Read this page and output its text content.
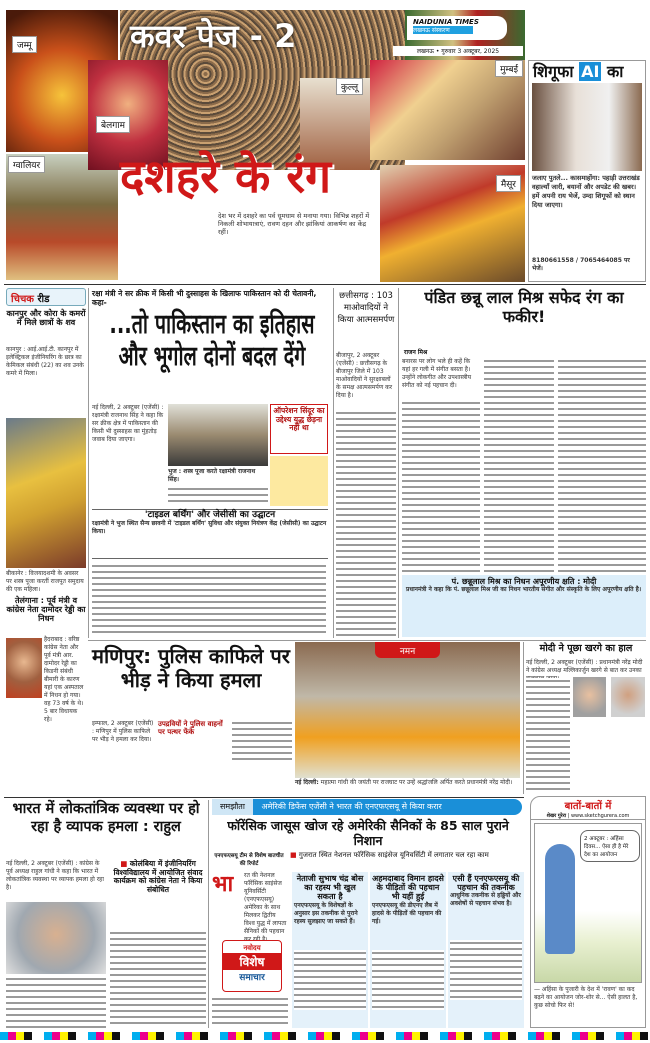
जम्मू
ग्वालियर
कवर पेज - 2	NAIDUNIA TIMES
लखनऊ संस्करण
लखनऊ • गुरुवार 3 अक्टूबर, 2025
मुम्बई
कुल्लू
बेलगाम
दशहरे के रंग
देश भर में दशहरे का पर्व धूमधाम से मनाया गया। विभिन्न शहरों में निकली शोभायात्राएं, रावण दहन और झांकियां आकर्षण का केंद्र रहीं।
मैसूर
शिगूफा AI का
जलाए पुतले... कासमाहोंगा: पहाड़ी उत्तराखंड वहाल्याँ जारी, बयानों और अपडेट की खबर। हमें अपनी राय भेजें, उम्दा शिगूफों को स्थान दिया जाएगा।
8180661558 / 7065464085 पर भेजें।
चिचक रीड
कानपुर और कोरा के कमरों में मिले छात्रों के शव
कानपुर : आई.आई.टी. कानपुर में इलेक्ट्रिकल इंजीनियरिंग के छात्र का केमिकल संबंधी (22) का शव उनके कमरे में मिला।
बीकानेर : विजयादशमी के अवसर पर शस्त्र पूजा करतीं राजपूत समुदाय की एक महिला।
तेलंगाना : पूर्व मंत्री व कांग्रेस नेता दामोदर रेड्डी का निधन
हैदराबाद : वरिष्ठ कांग्रेस नेता और पूर्व मंत्री आर. दामोदर रेड्डी का किडनी संबंधी बीमारी के कारण यहां एक अस्पताल में निधन हो गया। वह 73 वर्ष के थे। 5 बार विधायक रहे।
रक्षा मंत्री ने सर क्रीक में किसी भी दुस्साहस के खिलाफ पाकिस्तान को दी चेतावनी, कहा-
...तो पाकिस्तान का इतिहास और भूगोल दोनों बदल देंगे
नई दिल्ली, 2 अक्टूबर (एजेंसी) : रक्षामंत्री राजनाथ सिंह ने कहा कि सर क्रीक क्षेत्र में पाकिस्तान की किसी भी दुस्साहस का मुंहतोड़ जवाब दिया जाएगा।
भुज : शस्त्र पूजा करते रक्षामंत्री राजनाथ सिंह।
ऑपरेशन सिंदूर का उद्देश्य युद्ध छेड़ना नहीं था
'टाइडल बर्थिंग' और जेसीसी का उद्घाटन
रक्षामंत्री ने भुज स्थित सैन्य छावनी में 'टाइडल बर्थिंग' सुविधा और संयुक्त नियंत्रण केंद्र (जेसीसी) का उद्घाटन किया।
छत्तीसगढ़ : 103 माओवादियों ने किया आत्मसमर्पण
बीजापुर, 2 अक्टूबर (एजेंसी) : छत्तीसगढ़ के बीजापुर जिले में 103 माओवादियों ने सुरक्षाबलों के समक्ष आत्मसमर्पण कर दिया है।
पंडित छन्नू लाल मिश्र सफेद रंग का फकीर!
राजन मिश्र
बनारस पर लोग भले ही कहें कि यहां हर गली में संगीत बसता है। उन्होंने लोकगीत और उपशास्त्रीय संगीत को नई पहचान दी।
पं. छन्नूलाल मिश्र का निधन अपूरणीय क्षति : मोदी
प्रधानमंत्री ने कहा कि पं. छन्नूलाल मिश्र जी का निधन भारतीय संगीत और संस्कृति के लिए अपूरणीय क्षति है।
मणिपुर: पुलिस काफिले पर भीड़ ने किया हमला
इम्फाल, 2 अक्टूबर (एजेंसी) : मणिपुर में पुलिस काफिले पर भीड़ ने हमला कर दिया।
उपद्रवियों ने पुलिस वाहनों पर पत्थर फेंके
नमन
नई दिल्ली: महात्मा गांधी की जयंती पर राजघाट पर उन्हें श्रद्धांजलि अर्पित करते प्रधानमंत्री नरेंद्र मोदी।
मोदी ने पूछा खरगे का हाल
नई दिल्ली, 2 अक्टूबर (एजेंसी) : प्रधानमंत्री नरेंद्र मोदी ने कांग्रेस अध्यक्ष मल्लिकार्जुन खरगे से बात कर उनका
भारत में लोकतांत्रिक व्यवस्था पर हो रहा है व्यापक हमला : राहुल
नई दिल्ली, 2 अक्टूबर (एजेंसी) : कांग्रेस के पूर्व अध्यक्ष राहुल गांधी ने कहा कि भारत में लोकतांत्रिक व्यवस्था पर व्यापक हमला हो रहा है।
■ कोलंबिया में इंजीनियरिंग विश्वविद्यालय में आयोजित संवाद कार्यक्रम को कांग्रेस नेता ने किया संबोधित
समझौता अमेरिकी डिफेंस एजेंसी ने भारत की एनएफएसयू से किया करार
फॉरेंसिक जासूस खोज रहे अमेरिकी सैनिकों के 85 साल पुराने निशान
■ गुजरात स्थित नेशनल फॉरेंसिक साइंसेज यूनिवर्सिटी में लगातार चल रहा काम
एनएफएसयू टीम से विशेष बातचीत की रिपोर्ट
भा रत की नेशनल फॉरेंसिक साइंसेज यूनिवर्सिटी (एनएफएसयू) अमेरिका के साथ मिलकर द्वितीय विश्व युद्ध में लापता सैनिकों की पहचान
नवोदय
विशेष
समाचार
नेताजी सुभाष चंद्र बोस का रहस्य भी खुल सकता है
एनएफएसयू के विशेषज्ञों के अनुसार इस तकनीक से पुराने रहस्य सुलझाए जा सकते हैं।
अहमदाबाद विमान हादसे के पीड़ितों की पहचान भी यहीं हुई
एनएफएसयू की डीएनए लैब में हादसे के पीड़ितों की पहचान की गई।
एसी हैं एनएफएसयू की पहचान की तकनीक
आधुनिक तकनीक से हड्डियों और अवशेषों से पहचान संभव है।
बातों-बातों में
शेखर गुरेरा | www.sketchgurera.com
2 अक्टूबर : अहिंसा दिवस... ऐसा ही है मेरे देश का आयोजन
— अहिंसा के पुजारी के देश में 'रावण' का कद बढ़ने का आयोजन जोर-शोर से... ऐसी हालत है, कुछ सोचो फिर से!
